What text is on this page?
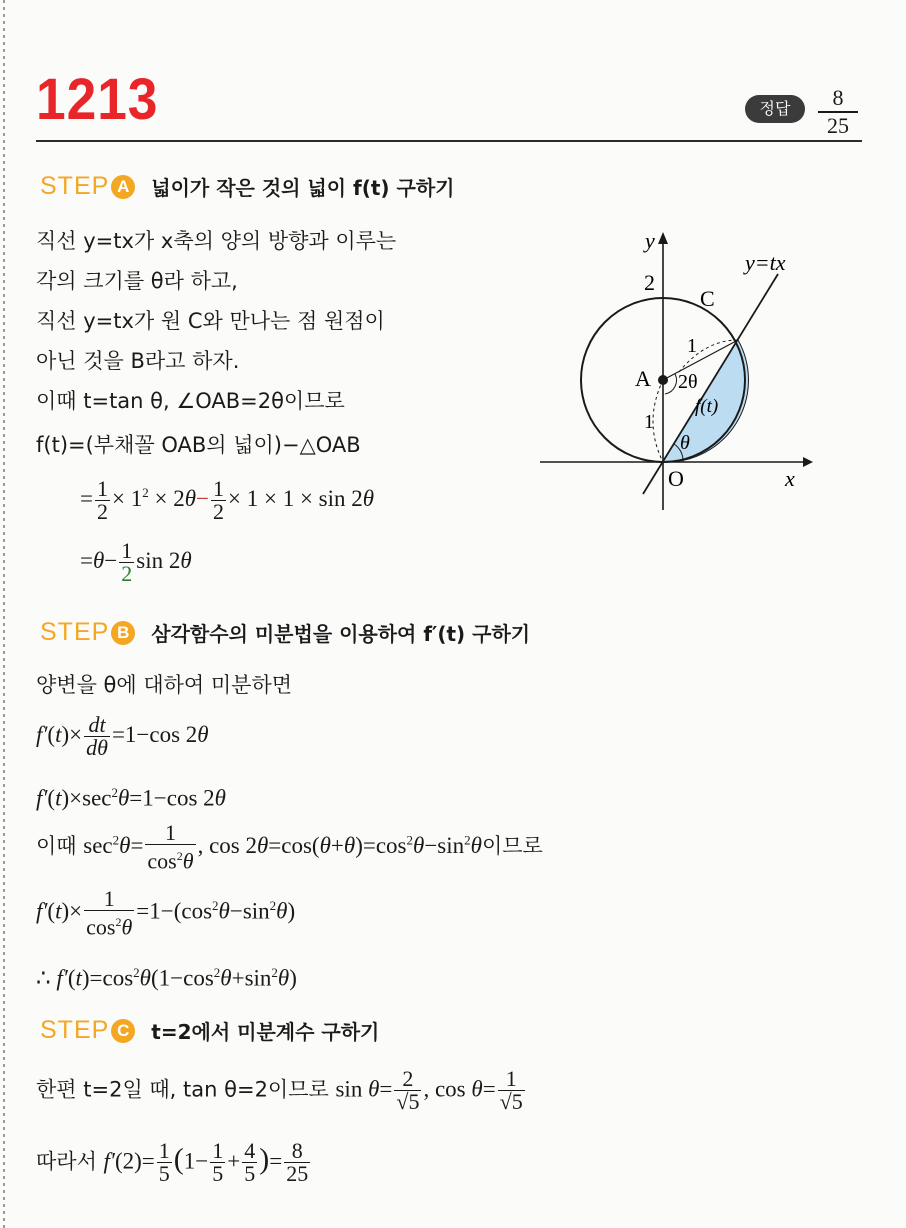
1213	정답	8
25
STEP A 넓이가 작은 것의 넓이 f(t) 구하기
직선 y=tx가 x축의 양의 방향과 이루는
각의 크기를 θ라 하고,
직선 y=tx가 원 C와 만나는 점 원점이
아닌 것을 B라고 하자.
이때 t=tan θ, ∠OAB=2θ이므로
f(t)=(부채꼴 OAB의 넓이)−△OAB
= $\frac{1}{2} \times 1^2 \times 2\theta- \frac{1}{2} \times 1 \times 1 \times \sin 2\theta$
$=\theta- \frac{1}{2}$ sin 2θ
y
x
y=tx
C
A
O
2
1
1
2θ
θ
f(t)
STEP B 삼각함수의 미분법을 이용하여 f′(t) 구하기
양변을 θ에 대하여 미분하면
$f'(t)\times \frac{dt}{d\theta} =1-\cos$ 2θ
$f'(t)\times\sec^2\theta=1-\cos$ 2θ
이때 $\sec^2\theta= \frac{1}{\cos^2\theta}$ , $\cos 2\theta=\cos(\theta+\theta)=\cos^2\theta-\sin^2\theta$이므로
$f'(t)\times \frac{1}{\cos^2\theta} =1-(\cos^2\theta-\sin^2\theta)$
∴ $f'(t)=\cos^2\theta(1-\cos^2\theta+\sin^2\theta)$
STEP C t=2에서 미분계수 구하기
한편 t=2일 때, tan θ=2이므로 $\sin \theta= \frac{2}{√5}$ , $\cos \theta= \frac{1}{√5}$
따라서 $f'(2)= \frac{1}{5} (1- \frac{1}{5} + \frac{4}{5}$ )= $\frac{8}{25}$
